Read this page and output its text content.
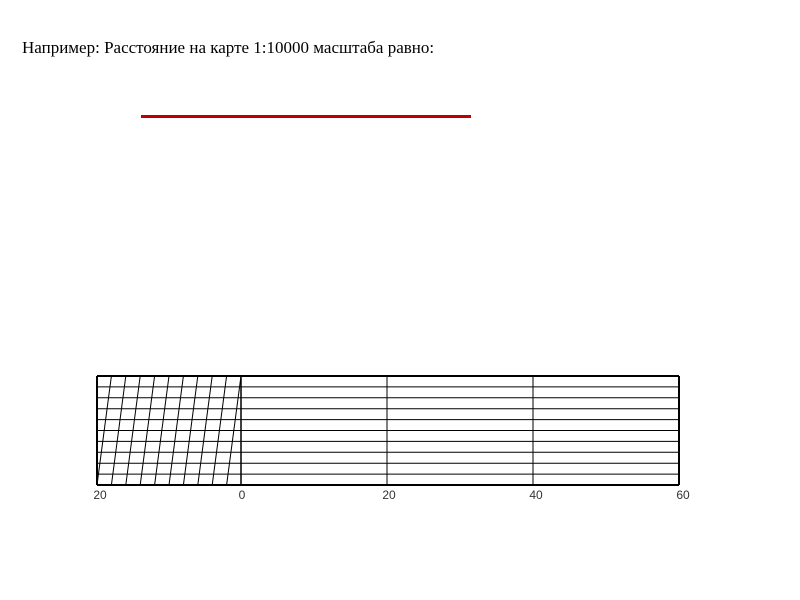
Например: Расстояние на карте 1:10000 масштаба равно:
20	0	20	40	60
